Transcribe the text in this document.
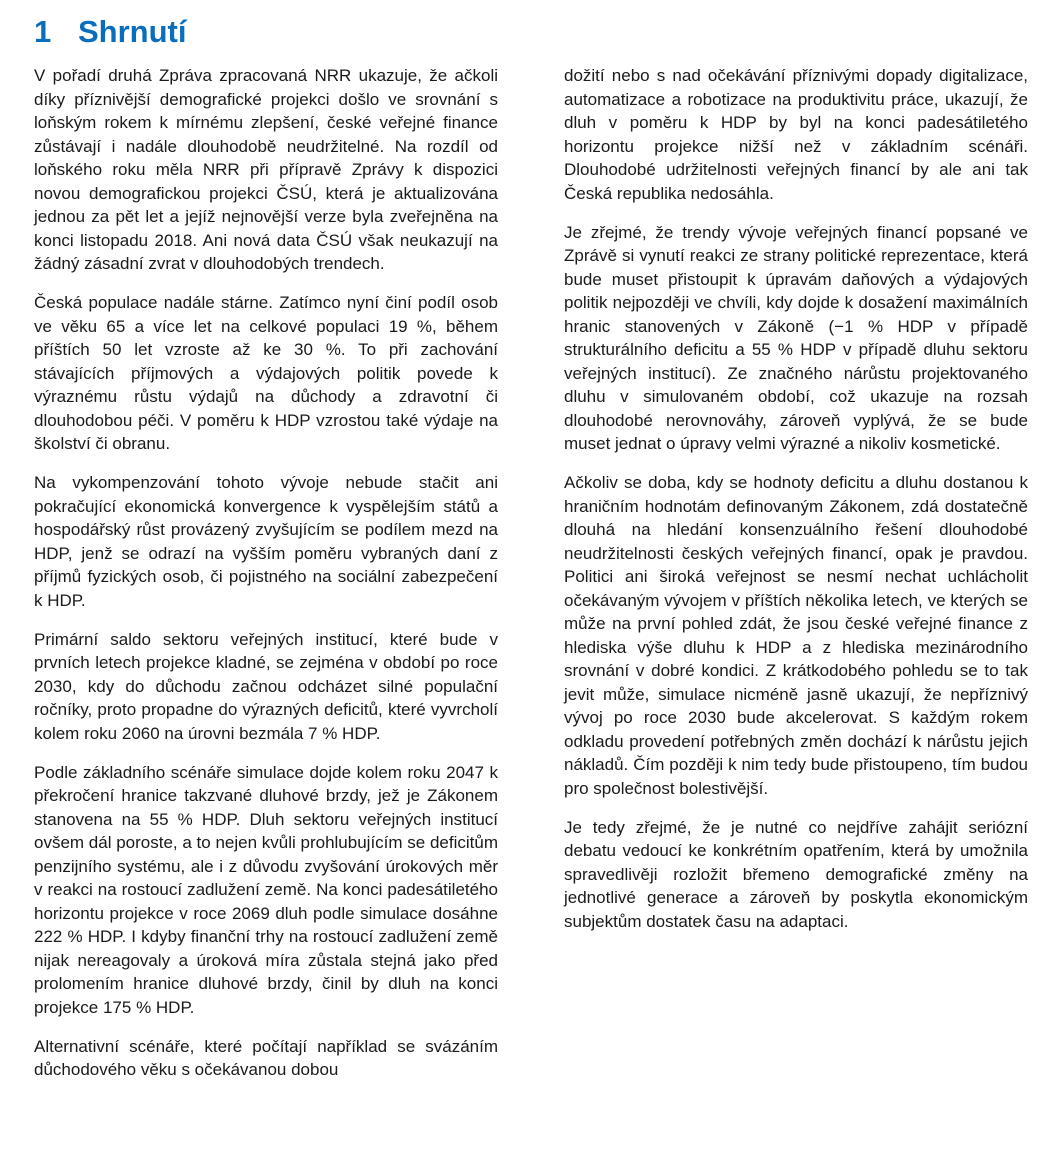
1 Shrnutí

V pořadí druhá Zpráva zpracovaná NRR ukazuje, že ačkoli díky příznivější demografické projekci došlo ve srovnání s loňským rokem k mírnému zlepšení, české veřejné finance zůstávají i nadále dlouhodobě neudržitelné. Na rozdíl od loňského roku měla NRR při přípravě Zprávy k dispozici novou demografickou projekci ČSÚ, která je aktualizována jednou za pět let a jejíž nejnovější verze byla zveřejněna na konci listopadu 2018. Ani nová data ČSÚ však neukazují na žádný zásadní zvrat v dlouhodobých trendech.

Česká populace nadále stárne. Zatímco nyní činí podíl osob ve věku 65 a více let na celkové populaci 19 %, během příštích 50 let vzroste až ke 30 %. To při zachování stávajících příjmových a výdajových politik povede k výraznému růstu výdajů na důchody a zdravotní či dlouhodobou péči. V poměru k HDP vzrostou také výdaje na školství či obranu.

Na vykompenzování tohoto vývoje nebude stačit ani pokračující ekonomická konvergence k vyspělejším států a hospodářský růst provázený zvyšujícím se podílem mezd na HDP, jenž se odrazí na vyšším poměru vybraných daní z příjmů fyzických osob, či pojistného na sociální zabezpečení k HDP.

Primární saldo sektoru veřejných institucí, které bude v prvních letech projekce kladné, se zejména v období po roce 2030, kdy do důchodu začnou odcházet silné populační ročníky, proto propadne do výrazných deficitů, které vyvrcholí kolem roku 2060 na úrovni bezmála 7 % HDP.

Podle základního scénáře simulace dojde kolem roku 2047 k překročení hranice takzvané dluhové brzdy, jež je Zákonem stanovena na 55 % HDP. Dluh sektoru veřejných institucí ovšem dál poroste, a to nejen kvůli prohlubujícím se deficitům penzijního systému, ale i z důvodu zvyšování úrokových měr v reakci na rostoucí zadlužení země. Na konci padesátiletého horizontu projekce v roce 2069 dluh podle simulace dosáhne 222 % HDP. I kdyby finanční trhy na rostoucí zadlužení země nijak nereagovaly a úroková míra zůstala stejná jako před prolomením hranice dluhové brzdy, činil by dluh na konci projekce 175 % HDP.

Alternativní scénáře, které počítají například se svázáním důchodového věku s očekávanou dobou

dožití nebo s nad očekávání příznivými dopady digitalizace, automatizace a robotizace na produktivitu práce, ukazují, že dluh v poměru k HDP by byl na konci padesátiletého horizontu projekce nižší než v základním scénáři. Dlouhodobé udržitelnosti veřejných financí by ale ani tak Česká republika nedosáhla.

Je zřejmé, že trendy vývoje veřejných financí popsané ve Zprávě si vynutí reakci ze strany politické reprezentace, která bude muset přistoupit k úpravám daňových a výdajových politik nejpozději ve chvíli, kdy dojde k dosažení maximálních hranic stanovených v Zákoně (−1 % HDP v případě strukturálního deficitu a 55 % HDP v případě dluhu sektoru veřejných institucí). Ze značného nárůstu projektovaného dluhu v simulovaném období, což ukazuje na rozsah dlouhodobé nerovnováhy, zároveň vyplývá, že se bude muset jednat o úpravy velmi výrazné a nikoliv kosmetické.

Ačkoliv se doba, kdy se hodnoty deficitu a dluhu dostanou k hraničním hodnotám definovaným Zákonem, zdá dostatečně dlouhá na hledání konsenzuálního řešení dlouhodobé neudržitelnosti českých veřejných financí, opak je pravdou. Politici ani široká veřejnost se nesmí nechat uchlácholit očekávaným vývojem v příštích několika letech, ve kterých se může na první pohled zdát, že jsou české veřejné finance z hlediska výše dluhu k HDP a z hlediska mezinárodního srovnání v dobré kondici. Z krátkodobého pohledu se to tak jevit může, simulace nicméně jasně ukazují, že nepříznivý vývoj po roce 2030 bude akcelerovat. S každým rokem odkladu provedení potřebných změn dochází k nárůstu jejich nákladů. Čím později k nim tedy bude přistoupeno, tím budou pro společnost bolestivější.

Je tedy zřejmé, že je nutné co nejdříve zahájit seriózní debatu vedoucí ke konkrétním opatřením, která by umožnila spravedlivěji rozložit břemeno demografické změny na jednotlivé generace a zároveň by poskytla ekonomickým subjektům dostatek času na adaptaci.
